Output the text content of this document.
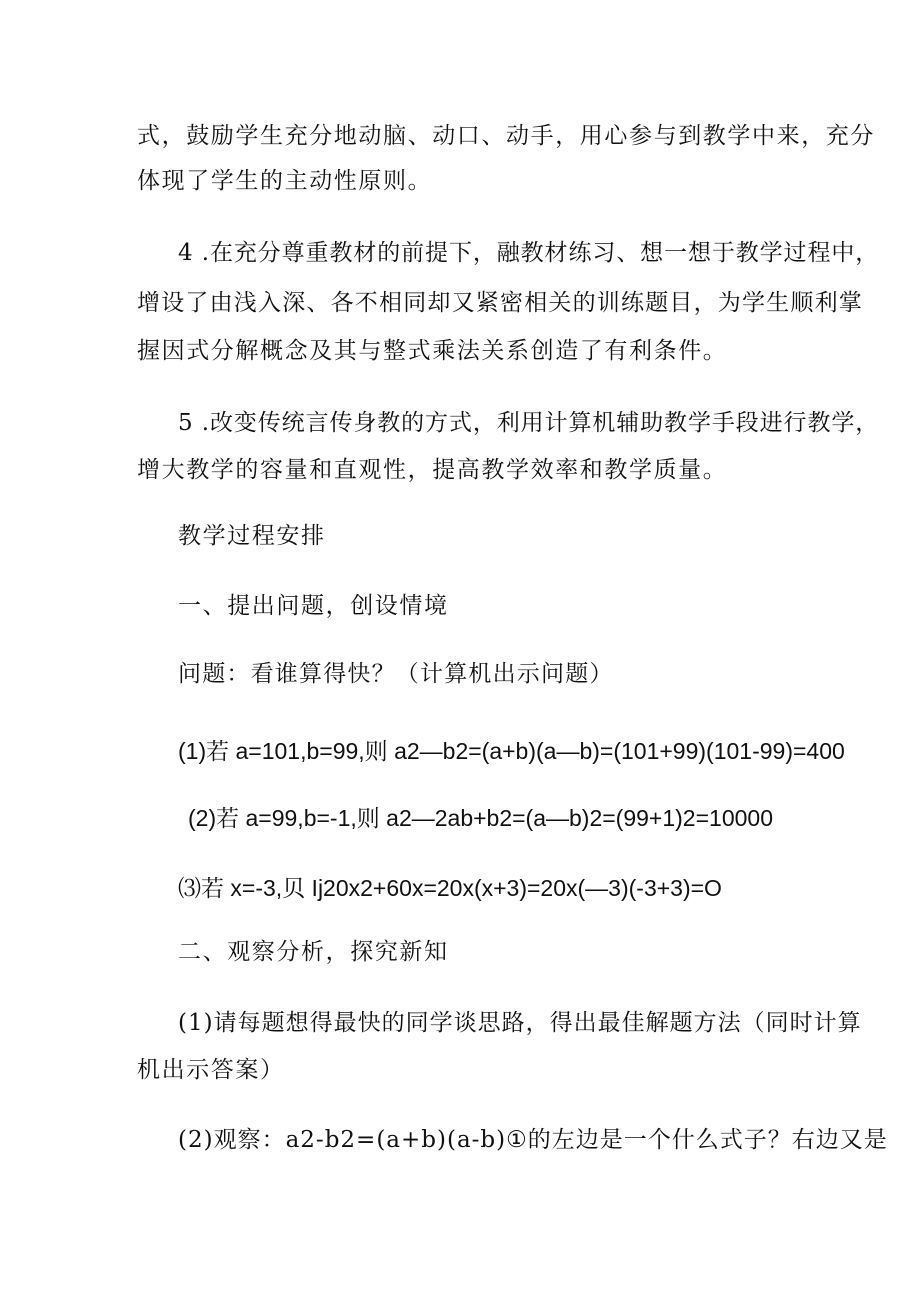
式，鼓励学生充分地动脑、动口、动手，用心参与到教学中来，充分
体现了学生的主动性原则。
4 .在充分尊重教材的前提下，融教材练习、想一想于教学过程中，
增设了由浅入深、各不相同却又紧密相关的训练题目，为学生顺利掌
握因式分解概念及其与整式乘法关系创造了有利条件。
5 .改变传统言传身教的方式，利用计算机辅助教学手段进行教学，
增大教学的容量和直观性，提高教学效率和教学质量。
教学过程安排
一、提出问题，创设情境
问题：看谁算得快？（计算机出示问题）
(1)若 a=101,b=99,则 a2—b2=(a+b)(a—b)=(101+99)(101-99)=400
(2)若 a=99,b=-1,则 a2—2ab+b2=(a—b)2=(99+1)2=10000
⑶若 x=-3,贝 Ij20x2+60x=20x(x+3)=20x(—3)(-3+3)=O
二、观察分析，探究新知
(1)请每题想得最快的同学谈思路，得出最佳解题方法（同时计算
机出示答案）
(2)观察：a2-b2=(a+b)(a-b)①的左边是一个什么式子？右边又是
